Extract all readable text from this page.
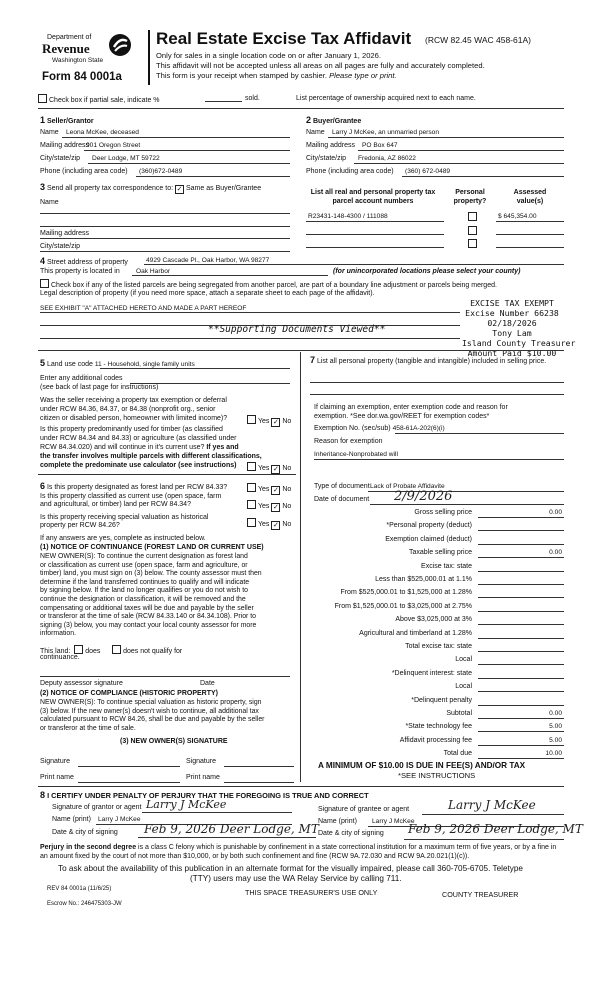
Department of
Revenue
Washington State
Form 84 0001a
Real Estate Excise Tax Affidavit (RCW 82.45 WAC 458-61A)
Only for sales in a single location code on or after January 1, 2026.
This affidavit will not be accepted unless all areas on all pages are fully and accurately completed.
This form is your receipt when stamped by cashier. Please type or print.
Check box if partial sale, indicate %	sold.	List percentage of ownership acquired next to each name.
1 Seller/Grantor
Name Leona McKee, deceased
Mailing address
901 Oregon Street
City/state/zip Deer Lodge, MT 59722
Phone (including area code) (360)672-0489
2 Buyer/Grantee
Name Larry J McKee, an unmarried person
Mailing address PO Box 647
City/state/zip Fredonia, AZ 86022
Phone (including area code) (360) 672-0489
3 Send all property tax correspondence to: ✓ Same as Buyer/Grantee
Name
Mailing address
City/state/zip
List all real and personal property tax parcel account numbers
Personal property?
Assessed value(s)
R23431-148-4300 / 111088	$ 645,354.00
4 Street address of property	4929 Cascade Pl., Oak Harbor, WA 98277
This property is located in Oak Harbor	(for unincorporated locations please select your county)
Check box if any of the listed parcels are being segregated from another parcel, are part of a boundary line adjustment or parcels being merged.
Legal description of property (if you need more space, attach a separate sheet to each page of the affidavit).
SEE EXHIBIT "A" ATTACHED HERETO AND MADE A PART HEREOF
EXCISE TAX EXEMPT
Excise Number 66238
02/18/2026
Tony Lam
Island County Treasurer
Amount Paid $10.00
**Supporting Documents Viewed**
5 Land use code 11 - Household, single family units
Enter any additional codes
(see back of last page for instructions)
Was the seller receiving a property tax exemption or deferral
under RCW 84.36, 84.37, or 84.38 (nonprofit org., senior
citizen or disabled person, homeowner with limited income)?	Yes ✓ No
Is this property predominantly used for timber (as classified
under RCW 84.34 and 84.33) or agriculture (as classified under
RCW 84.34.020) and will continue in it's current use? If yes and
the transfer involves multiple parcels with different classifications,
complete the predominate use calculator (see instructions)	Yes ✓ No
6 Is this property designated as forest land per RCW 84.33?	Yes ✓ No
Is this property classified as current use (open space, farm
and agricultural, or timber) land per RCW 84.34?	Yes ✓ No
Is this property receiving special valuation as historical
property per RCW 84.26?	Yes ✓ No
If any answers are yes, complete as instructed below.
(1) NOTICE OF CONTINUANCE (FOREST LAND OR CURRENT USE)
NEW OWNER(S): To continue the current designation as forest land
or classification as current use (open space, farm and agriculture, or
timber) land, you must sign on (3) below. The county assessor must then
determine if the land transferred continues to qualify and will indicate
by signing below. If the land no longer qualifies or you do not wish to
continue the designation or classification, it will be removed and the
compensating or additional taxes will be due and payable by the seller
or transferor at the time of sale (RCW 84.33.140 or 84.34.108). Prior to
signing (3) below, you may contact your local county assessor for more
information.
This land: does	does not qualify for
continuance.
Deputy assessor signature	Date
(2) NOTICE OF COMPLIANCE (HISTORIC PROPERTY)
NEW OWNER(S): To continue special valuation as historic property, sign
(3) below. If the new owner(s) doesn't wish to continue, all additional tax
calculated pursuant to RCW 84.26, shall be due and payable by the seller
or transferor at the time of sale.
(3) NEW OWNER(S) SIGNATURE
Signature	Signature
Print name	Print name
7 List all personal property (tangible and intangible) included in selling price.
If claiming an exemption, enter exemption code and reason for
exemption. *See dor.wa.gov/REET for exemption codes*
Exemption No. (sec/sub) 458-61A-202(6)(i)
Reason for exemption
Inheritance-Nonprobated will
Type of document Lack of Probate Affidavite
Date of document 2/9/2026
Gross selling price	0.00
*Personal property (deduct)
Exemption claimed (deduct)
Taxable selling price	0.00
Excise tax: state
Less than $525,000.01 at 1.1%
From $525,000.01 to $1,525,000 at 1.28%
From $1,525,000.01 to $3,025,000 at 2.75%
Above $3,025,000 at 3%
Agricultural and timberland at 1.28%
Total excise tax: state
Local
*Delinquent interest: state
Local
*Delinquent penalty
Subtotal	0.00
*State technology fee	5.00
Affidavit processing fee	5.00
Total due	10.00
A MINIMUM OF $10.00 IS DUE IN FEE(S) AND/OR TAX
*SEE INSTRUCTIONS
8 I CERTIFY UNDER PENALTY OF PERJURY THAT THE FOREGOING IS TRUE AND CORRECT
Signature of grantor or agent Larry J McKee
Name (print) Larry J McKee
Date & city of signing Feb 9, 2026 Deer Lodge, MT
Signature of grantee or agent	Larry J McKee
Name (print) Larry J McKee
Date & city of signing Feb 9, 2026 Deer Lodge, MT
Perjury in the second degree is a class C felony which is punishable by confinement in a state correctional institution for a maximum term of five years, or by a fine in an amount fixed by the court of not more than $10,000, or by both such confinement and fine (RCW 9A.72.030 and RCW 9A.20.021(1)(c)).
To ask about the availability of this publication in an alternate format for the visually impaired, please call 360-705-6705. Teletype
(TTY) users may use the WA Relay Service by calling 711.
REV 84 0001a (11/6/25)	THIS SPACE TREASURER'S USE ONLY	COUNTY TREASURER
Escrow No.: 246475303-JW
